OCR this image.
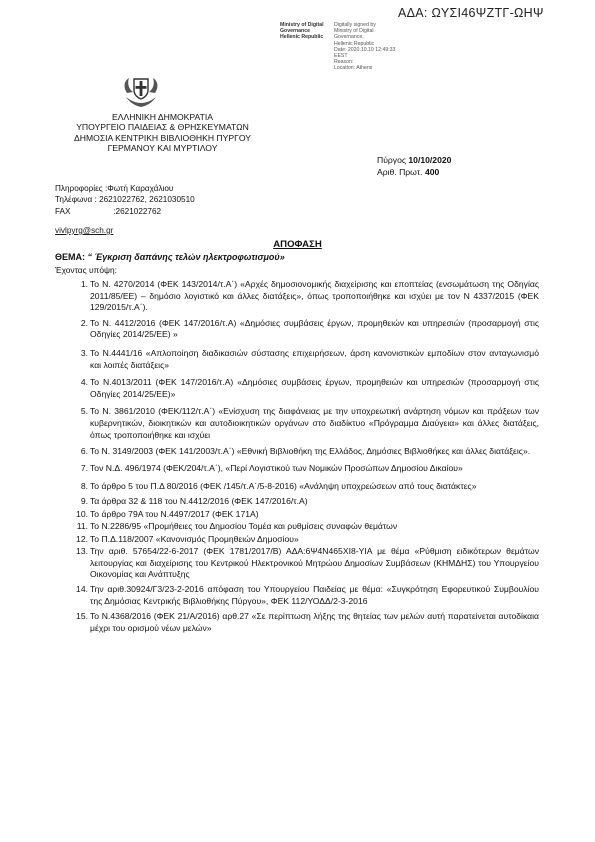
ΑΔΑ: ΩΥΣΙ46ΨΖΤΓ-ΩΗΨ
Ministry of Digital
Governance
Hellenic Republic
Digitally signed by
Ministry of Digital
Governance,
Hellenic Republic
Date: 2020.10.10 12:49:33
EEST
Reason:
Location: Athens
ΕΛΛΗΝΙΚΗ ΔΗΜΟΚΡΑΤΙΑ
ΥΠΟΥΡΓΕΙΟ ΠΑΙΔΕΙΑΣ & ΘΡΗΣΚΕΥΜΑΤΩΝ
ΔΗΜΟΣΙΑ ΚΕΝΤΡΙΚΗ ΒΙΒΛΙΟΘΗΚΗ ΠΥΡΓΟΥ
ΓΕΡΜΑΝΟΥ ΚΑΙ ΜΥΡΤΙΛΟΥ
Πύργος 10/10/2020
Αριθ. Πρωτ. 400
Πληροφορίες :Φωτή Καραχάλιου
Τηλέφωνα : 2621022762, 2621030510
FAX	:2621022762
vivlpyrg@sch.gr
ΑΠΟΦΑΣΗ
ΘΕΜΑ: “ Έγκριση δαπάνης τελών ηλεκτροφωτισμού»
Έχοντας υπόψη:
1. Το Ν. 4270/2014 (ΦΕΚ 143/2014/τ.Α΄) «Αρχές δημοσιονομικής διαχείρισης και εποπτείας (ενσωμάτωση της Οδηγίας 2011/85/ΕΕ) – δημόσιο λογιστικό και άλλες διατάξεις», όπως τροποποιήθηκε και ισχύει με τον Ν 4337/2015 (ΦΕΚ 129/2015/τ.Α΄).
2. Το Ν. 4412/2016 (ΦΕΚ 147/2016/τ.Α) «Δημόσιες συμβάσεις έργων, προμηθειών και υπηρεσιών (προσαρμογή στις Οδηγίες 2014/25/ΕΕ) »
3. Το Ν.4441/16 «Απλοποίηση διαδικασιών σύστασης επιχειρήσεων, άρση κανονιστικών εμποδίων στον ανταγωνισμό και λοιπές διατάξεις»
4. Το Ν.4013/2011 (ΦΕΚ 147/2016/τ.Α) «Δημόσιες συμβάσεις έργων, προμηθειών και υπηρεσιών (προσαρμογή στις Οδηγίες 2014/25/ΕΕ)»
5. Το Ν. 3861/2010 (ΦΕΚ/112/τ.Α΄) «Ενίσχυση της διαφάνειας με την υποχρεωτική ανάρτηση νόμων και πράξεων των κυβερνητικών, διοικητικών και αυτοδιοικητικών οργάνων στο διαδίκτυο «Πρόγραμμα Διαύγεια» και άλλες διατάξεις, όπως τροποποιήθηκε και ισχύει
6. Το Ν. 3149/2003 (ΦΕΚ 141/2003/τ.Α΄) «Εθνική Βιβλιοθήκη της Ελλάδος, Δημόσιες Βιβλιοθήκες και άλλες διατάξεις».
7. Τον Ν.Δ. 496/1974 (ΦΕΚ/204/τ.Α΄), «Περί Λογιστικού των Νομικών Προσώπων Δημοσίου Δικαίου»
8. Το άρθρο 5 του Π.Δ 80/2016 (ΦΕΚ /145/τ.Α΄/5-8-2016) «Ανάληψη υποχρεώσεων από τους διατάκτες»
9. Τα άρθρα 32 & 118 του Ν.4412/2016 (ΦΕΚ 147/2016/τ.Α)
10. Το άρθρο 79Α του Ν.4497/2017 (ΦΕΚ 171Α)
11. Το Ν.2286/95 «Προμήθειες του Δημοσίου Τομέα και ρυθμίσεις συναφών θεμάτων
12. Το Π.Δ.118/2007 «Κανονισμός Προμηθειών Δημοσίου»
13. Την αριθ. 57654/22-6-2017 (ΦΕΚ 1781/2017/Β) ΑΔΑ:6Ψ4Ν465ΧΙ8-ΥΙΑ με θέμα «Ρύθμιση ειδικότερων θεμάτων λειτουργίας και διαχείρισης του Κεντρικού Ηλεκτρονικού Μητρώου Δημοσίων Συμβάσεων (ΚΗΜΔΗΣ) του Υπουργείου Οικονομίας και Ανάπτυξης
14. Την αριθ.30924/Γ3/23-2-2016 απόφαση του Υπουργείου Παιδείας με θέμα: «Συγκρότηση Εφορευτικού Συμβουλίου της Δημόσιας Κεντρικής Βιβλιοθήκης Πύργου», ΦΕΚ 112/ΥΟΔΔ/2-3-2016
15. Το Ν.4368/2016 (ΦΕΚ 21/Α/2016) αρθ.27 «Σε περίπτωση λήξης της θητείας των μελών αυτή παρατείνεται αυτοδίκαια μέχρι του ορισμού νέων μελών»
